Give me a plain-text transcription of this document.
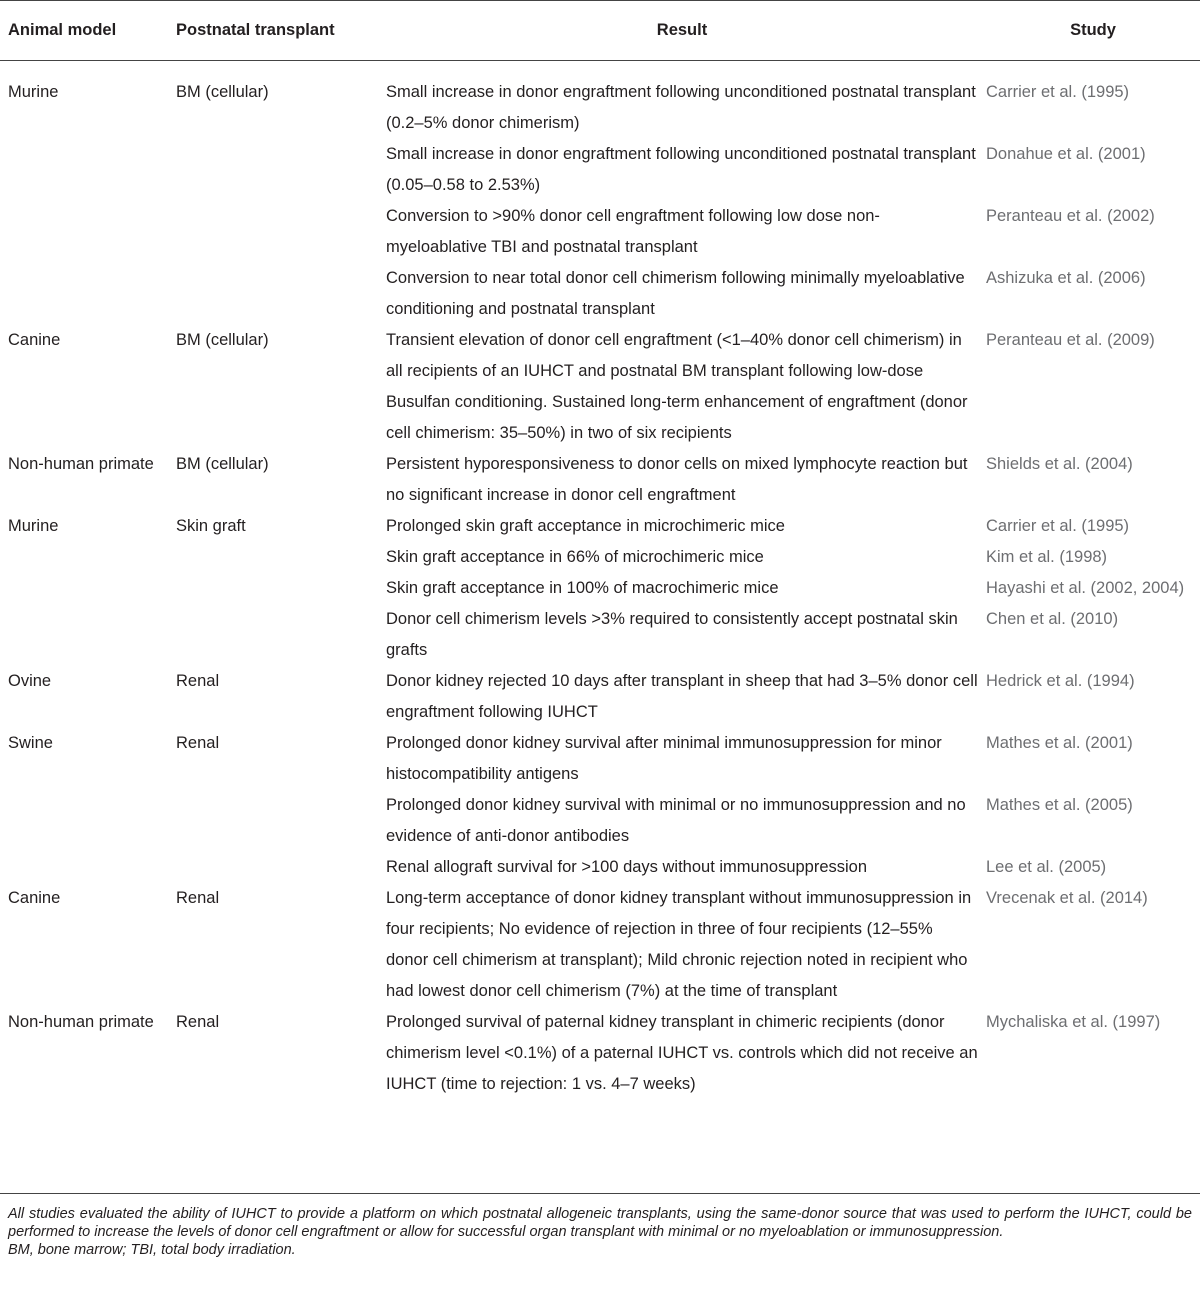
Animal model	Postnatal transplant	Result	Study
Murine	BM (cellular)	Small increase in donor engraftment following unconditioned postnatal transplant (0.2–5% donor chimerism)	Carrier et al. (1995)
		Small increase in donor engraftment following unconditioned postnatal transplant (0.05–0.58 to 2.53%)	Donahue et al. (2001)
		Conversion to >90% donor cell engraftment following low dose non-myeloablative TBI and postnatal transplant	Peranteau et al. (2002)
		Conversion to near total donor cell chimerism following minimally myeloablative conditioning and postnatal transplant	Ashizuka et al. (2006)
Canine	BM (cellular)	Transient elevation of donor cell engraftment (<1–40% donor cell chimerism) in all recipients of an IUHCT and postnatal BM transplant following low-dose Busulfan conditioning. Sustained long-term enhancement of engraftment (donor cell chimerism: 35–50%) in two of six recipients	Peranteau et al. (2009)
Non-human primate	BM (cellular)	Persistent hyporesponsiveness to donor cells on mixed lymphocyte reaction but no significant increase in donor cell engraftment	Shields et al. (2004)
Murine	Skin graft	Prolonged skin graft acceptance in microchimeric mice	Carrier et al. (1995)
		Skin graft acceptance in 66% of microchimeric mice	Kim et al. (1998)
		Skin graft acceptance in 100% of macrochimeric mice	Hayashi et al. (2002, 2004)
		Donor cell chimerism levels >3% required to consistently accept postnatal skin grafts	Chen et al. (2010)
Ovine	Renal	Donor kidney rejected 10 days after transplant in sheep that had 3–5% donor cell engraftment following IUHCT	Hedrick et al. (1994)
Swine	Renal	Prolonged donor kidney survival after minimal immunosuppression for minor histocompatibility antigens	Mathes et al. (2001)
		Prolonged donor kidney survival with minimal or no immunosuppression and no evidence of anti-donor antibodies	Mathes et al. (2005)
		Renal allograft survival for >100 days without immunosuppression	Lee et al. (2005)
Canine	Renal	Long-term acceptance of donor kidney transplant without immunosuppression in four recipients; No evidence of rejection in three of four recipients (12–55% donor cell chimerism at transplant); Mild chronic rejection noted in recipient who had lowest donor cell chimerism (7%) at the time of transplant	Vrecenak et al. (2014)
Non-human primate	Renal	Prolonged survival of paternal kidney transplant in chimeric recipients (donor chimerism level <0.1%) of a paternal IUHCT vs. controls which did not receive an IUHCT (time to rejection: 1 vs. 4–7 weeks)	Mychaliska et al. (1997)

All studies evaluated the ability of IUHCT to provide a platform on which postnatal allogeneic transplants, using the same-donor source that was used to perform the IUHCT, could be performed to increase the levels of donor cell engraftment or allow for successful organ transplant with minimal or no myeloablation or immunosuppression.

BM, bone marrow; TBI, total body irradiation.
